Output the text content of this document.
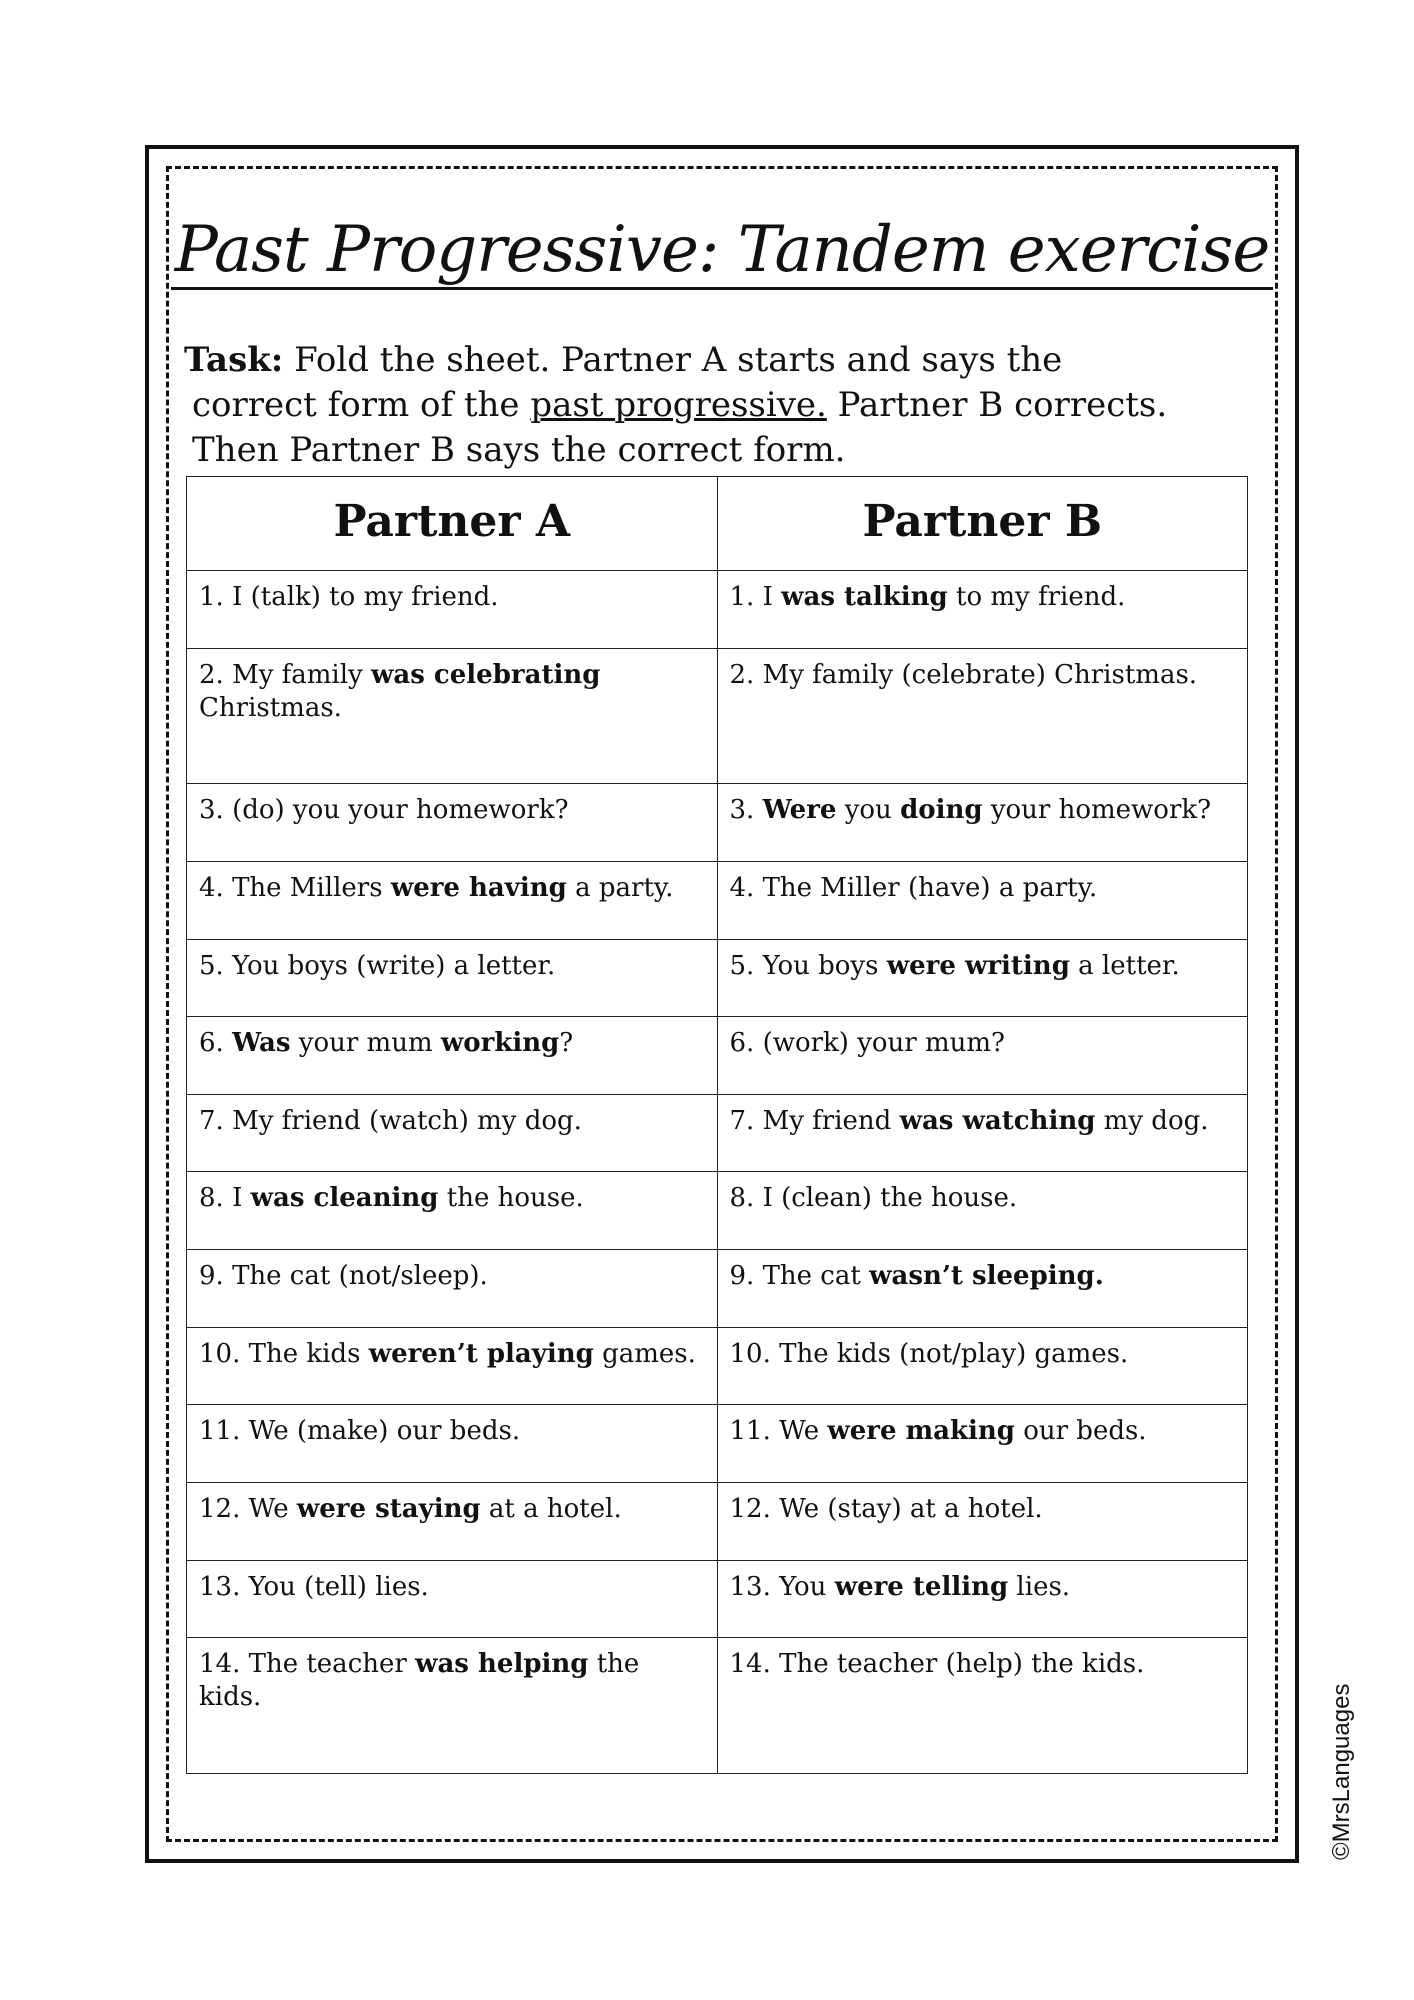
Past Progressive: Tandem exercise
Task: Fold the sheet. Partner A starts and says the
correct form of the past progressive. Partner B corrects.
Then Partner B says the correct form.
Partner A	Partner B
1. I (talk) to my friend.	1. I was talking to my friend.
2. My family was celebrating Christmas.	2. My family (celebrate) Christmas.
3. (do) you your homework?	3. Were you doing your homework?
4. The Millers were having a party.	4. The Miller (have) a party.
5. You boys (write) a letter.	5. You boys were writing a letter.
6. Was your mum working?	6. (work) your mum?
7. My friend (watch) my dog.	7. My friend was watching my dog.
8. I was cleaning the house.	8. I (clean) the house.
9. The cat (not/sleep).	9. The cat wasn’t sleeping.
10. The kids weren’t playing games.	10. The kids (not/play) games.
11. We (make) our beds.	11. We were making our beds.
12. We were staying at a hotel.	12. We (stay) at a hotel.
13. You (tell) lies.	13. You were telling lies.
14. The teacher was helping the kids.	14. The teacher (help) the kids.
©MrsLanguages
